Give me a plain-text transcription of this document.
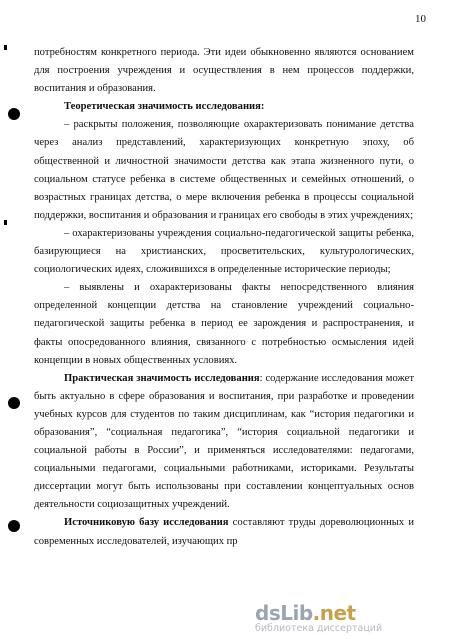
10
потребностям конкретного периода. Эти идеи обыкновенно являются основанием для построения учреждения и осуществления в нем процессов поддержки, воспитания и образования.
Теоретическая значимость исследования:
– раскрыты положения, позволяющие охарактеризовать понимание детства через анализ представлений, характеризующих конкретную эпоху, об общественной и личностной значимости детства как этапа жизненного пути, о социальном статусе ребенка в системе общественных и семейных отношений, о возрастных границах детства, о мере включения ребенка в процессы социальной поддержки, воспитания и образования и границах его свободы в этих учреждениях;
– охарактеризованы учреждения социально-педагогической защиты ребенка, базирующиеся на христианских, просветительских, культурологических, социологических идеях, сложившихся в определенные исторические периоды;
– выявлены и охарактеризованы факты непосредственного влияния определенной концепции детства на становление учреждений социально-педагогической защиты ребенка в период ее зарождения и распространения, и факты опосредованного влияния, связанного с потребностью осмысления идей концепции в новых общественных условиях.
Практическая значимость исследования: содержание исследования может быть актуально в сфере образования и воспитания, при разработке и проведении учебных курсов для студентов по таким дисциплинам, как “история педагогики и образования”, “социальная педагогика”, “история социальной педагогики и социальной работы в России”, и применяться исследователями: педагогами, социальными педагогами, социальными работниками, историками. Результаты диссертации могут быть использованы при составлении концептуальных основ деятельности социозащитных учреждений.
Источниковую базу исследования составляют труды дореволюционных и современных исследователей, изучающих пр
dsLib.net
библиотека диссертаций
